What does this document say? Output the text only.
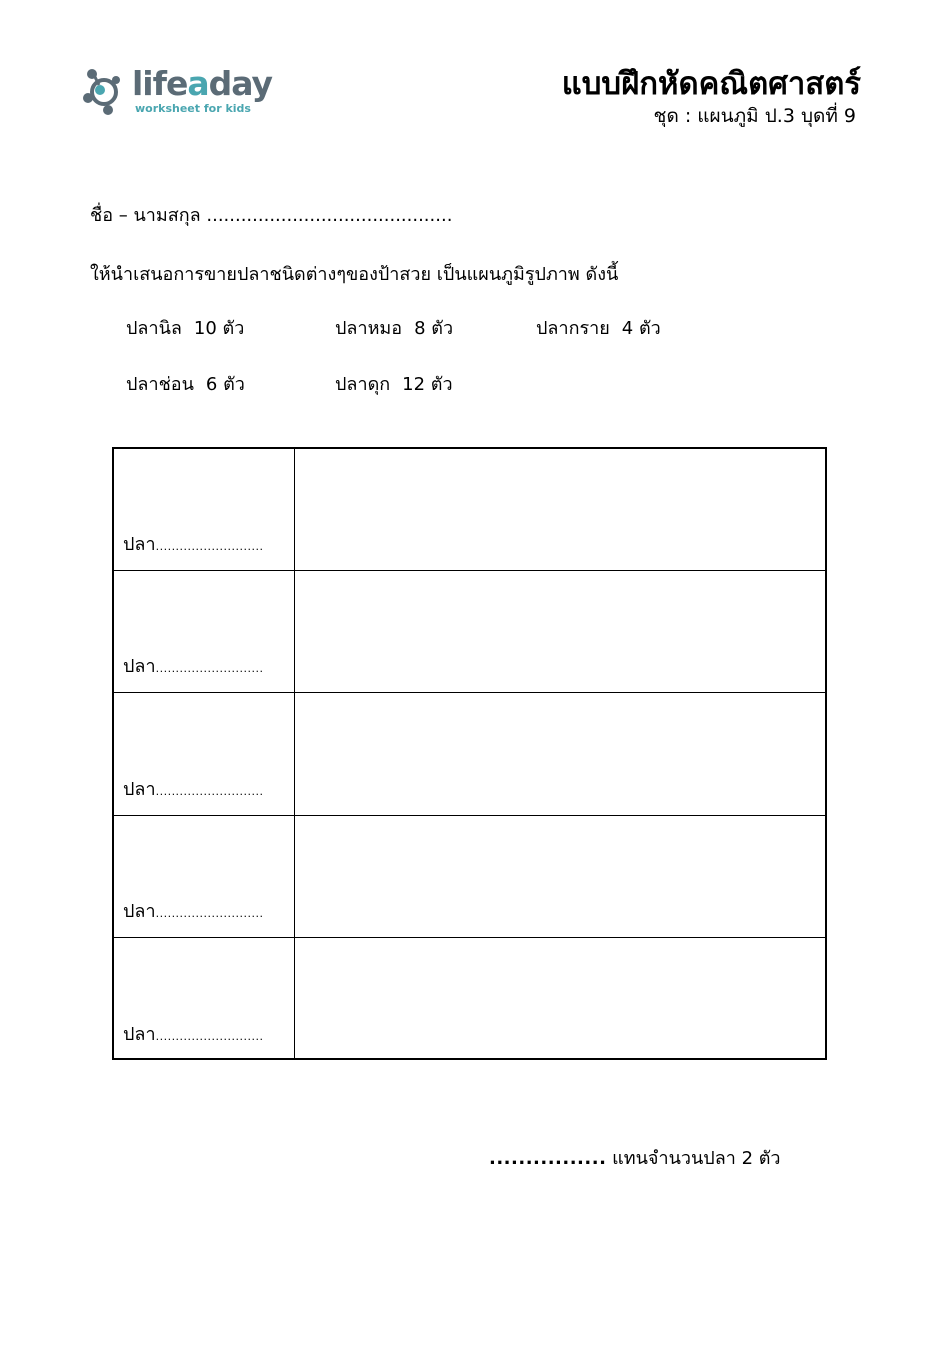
lifeaday
worksheet for kids
แบบฝึกหัดคณิตศาสตร์
ชุด : แผนภูมิ ป.3 บุดที่ 9
ชื่อ – นามสกุล ...........................................
ให้นำเสนอการขายปลาชนิดต่างๆของป้าสวย เป็นแผนภูมิรูปภาพ ดังนี้
ปลานิล 10 ตัว	ปลาหมอ 8 ตัว	ปลากราย 4 ตัว
ปลาช่อน 6 ตัว	ปลาดุก 12 ตัว
ปลา...........................
ปลา...........................
ปลา...........................
ปลา...........................
ปลา...........................
................ แทนจำนวนปลา 2 ตัว
